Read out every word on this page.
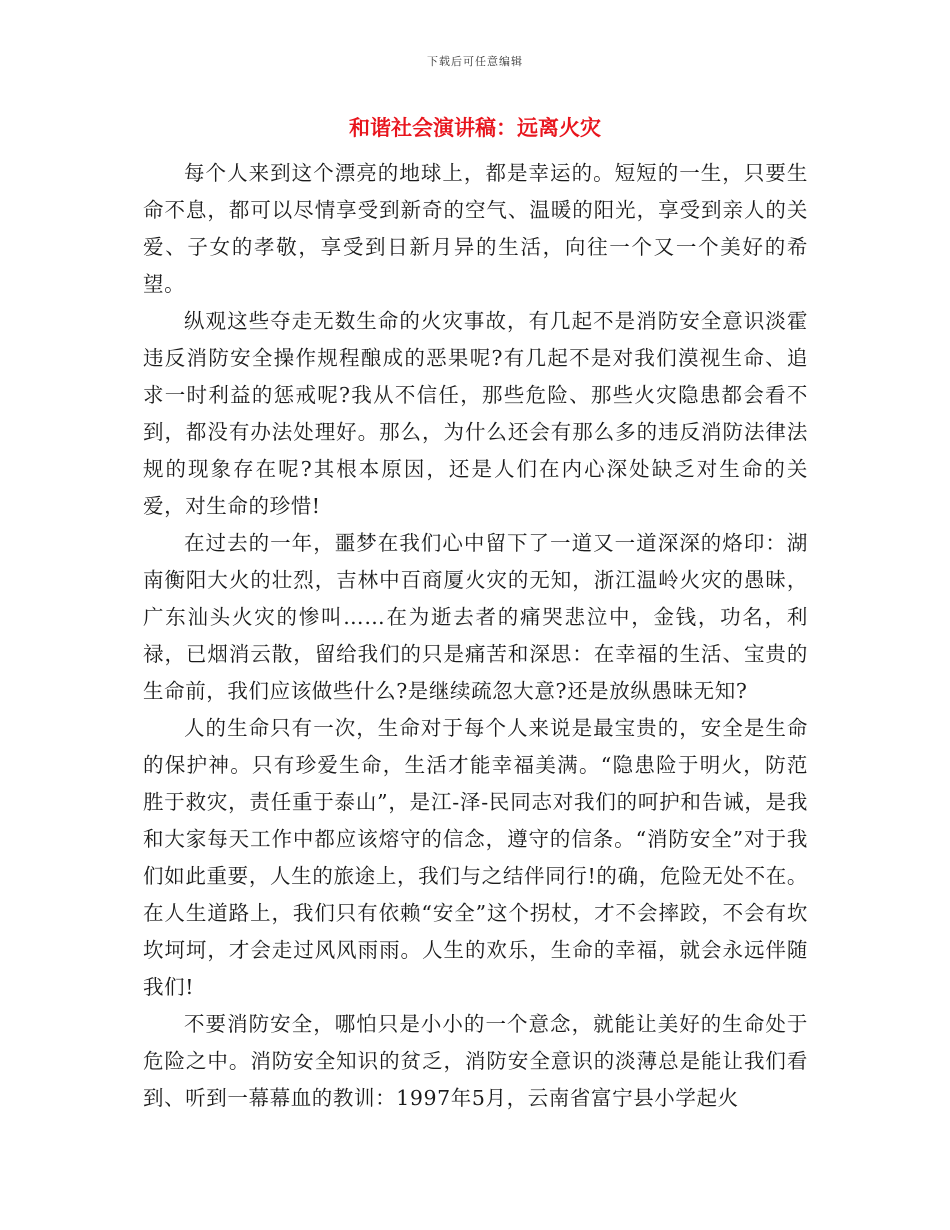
下载后可任意编辑
和谐社会演讲稿：远离火灾

每个人来到这个漂亮的地球上，都是幸运的。短短的一生，只要生命不息，都可以尽情享受到新奇的空气、温暖的阳光，享受到亲人的关爱、子女的孝敬，享受到日新月异的生活，向往一个又一个美好的希望。

纵观这些夺走无数生命的火灾事故，有几起不是消防安全意识淡霍违反消防安全操作规程酿成的恶果呢?有几起不是对我们漠视生命、追求一时利益的惩戒呢?我从不信任，那些危险、那些火灾隐患都会看不到，都没有办法处理好。那么，为什么还会有那么多的违反消防法律法规的现象存在呢?其根本原因，还是人们在内心深处缺乏对生命的关爱，对生命的珍惜!

在过去的一年，噩梦在我们心中留下了一道又一道深深的烙印：湖南衡阳大火的壮烈，吉林中百商厦火灾的无知，浙江温岭火灾的愚昧，广东汕头火灾的惨叫……在为逝去者的痛哭悲泣中，金钱，功名，利禄，已烟消云散，留给我们的只是痛苦和深思：在幸福的生活、宝贵的生命前，我们应该做些什么?是继续疏忽大意?还是放纵愚昧无知?

人的生命只有一次，生命对于每个人来说是最宝贵的，安全是生命的保护神。只有珍爱生命，生活才能幸福美满。“隐患险于明火，防范胜于救灾，责任重于泰山”，是江-泽-民同志对我们的呵护和告诫，是我和大家每天工作中都应该熔守的信念，遵守的信条。“消防安全”对于我们如此重要，人生的旅途上，我们与之结伴同行!的确，危险无处不在。在人生道路上，我们只有依赖“安全”这个拐杖，才不会摔跤，不会有坎坎坷坷，才会走过风风雨雨。人生的欢乐，生命的幸福，就会永远伴随我们!

不要消防安全，哪怕只是小小的一个意念，就能让美好的生命处于危险之中。消防安全知识的贫乏，消防安全意识的淡薄总是能让我们看到、听到一幕幕血的教训：1997年5月，云南省富宁县小学起火
